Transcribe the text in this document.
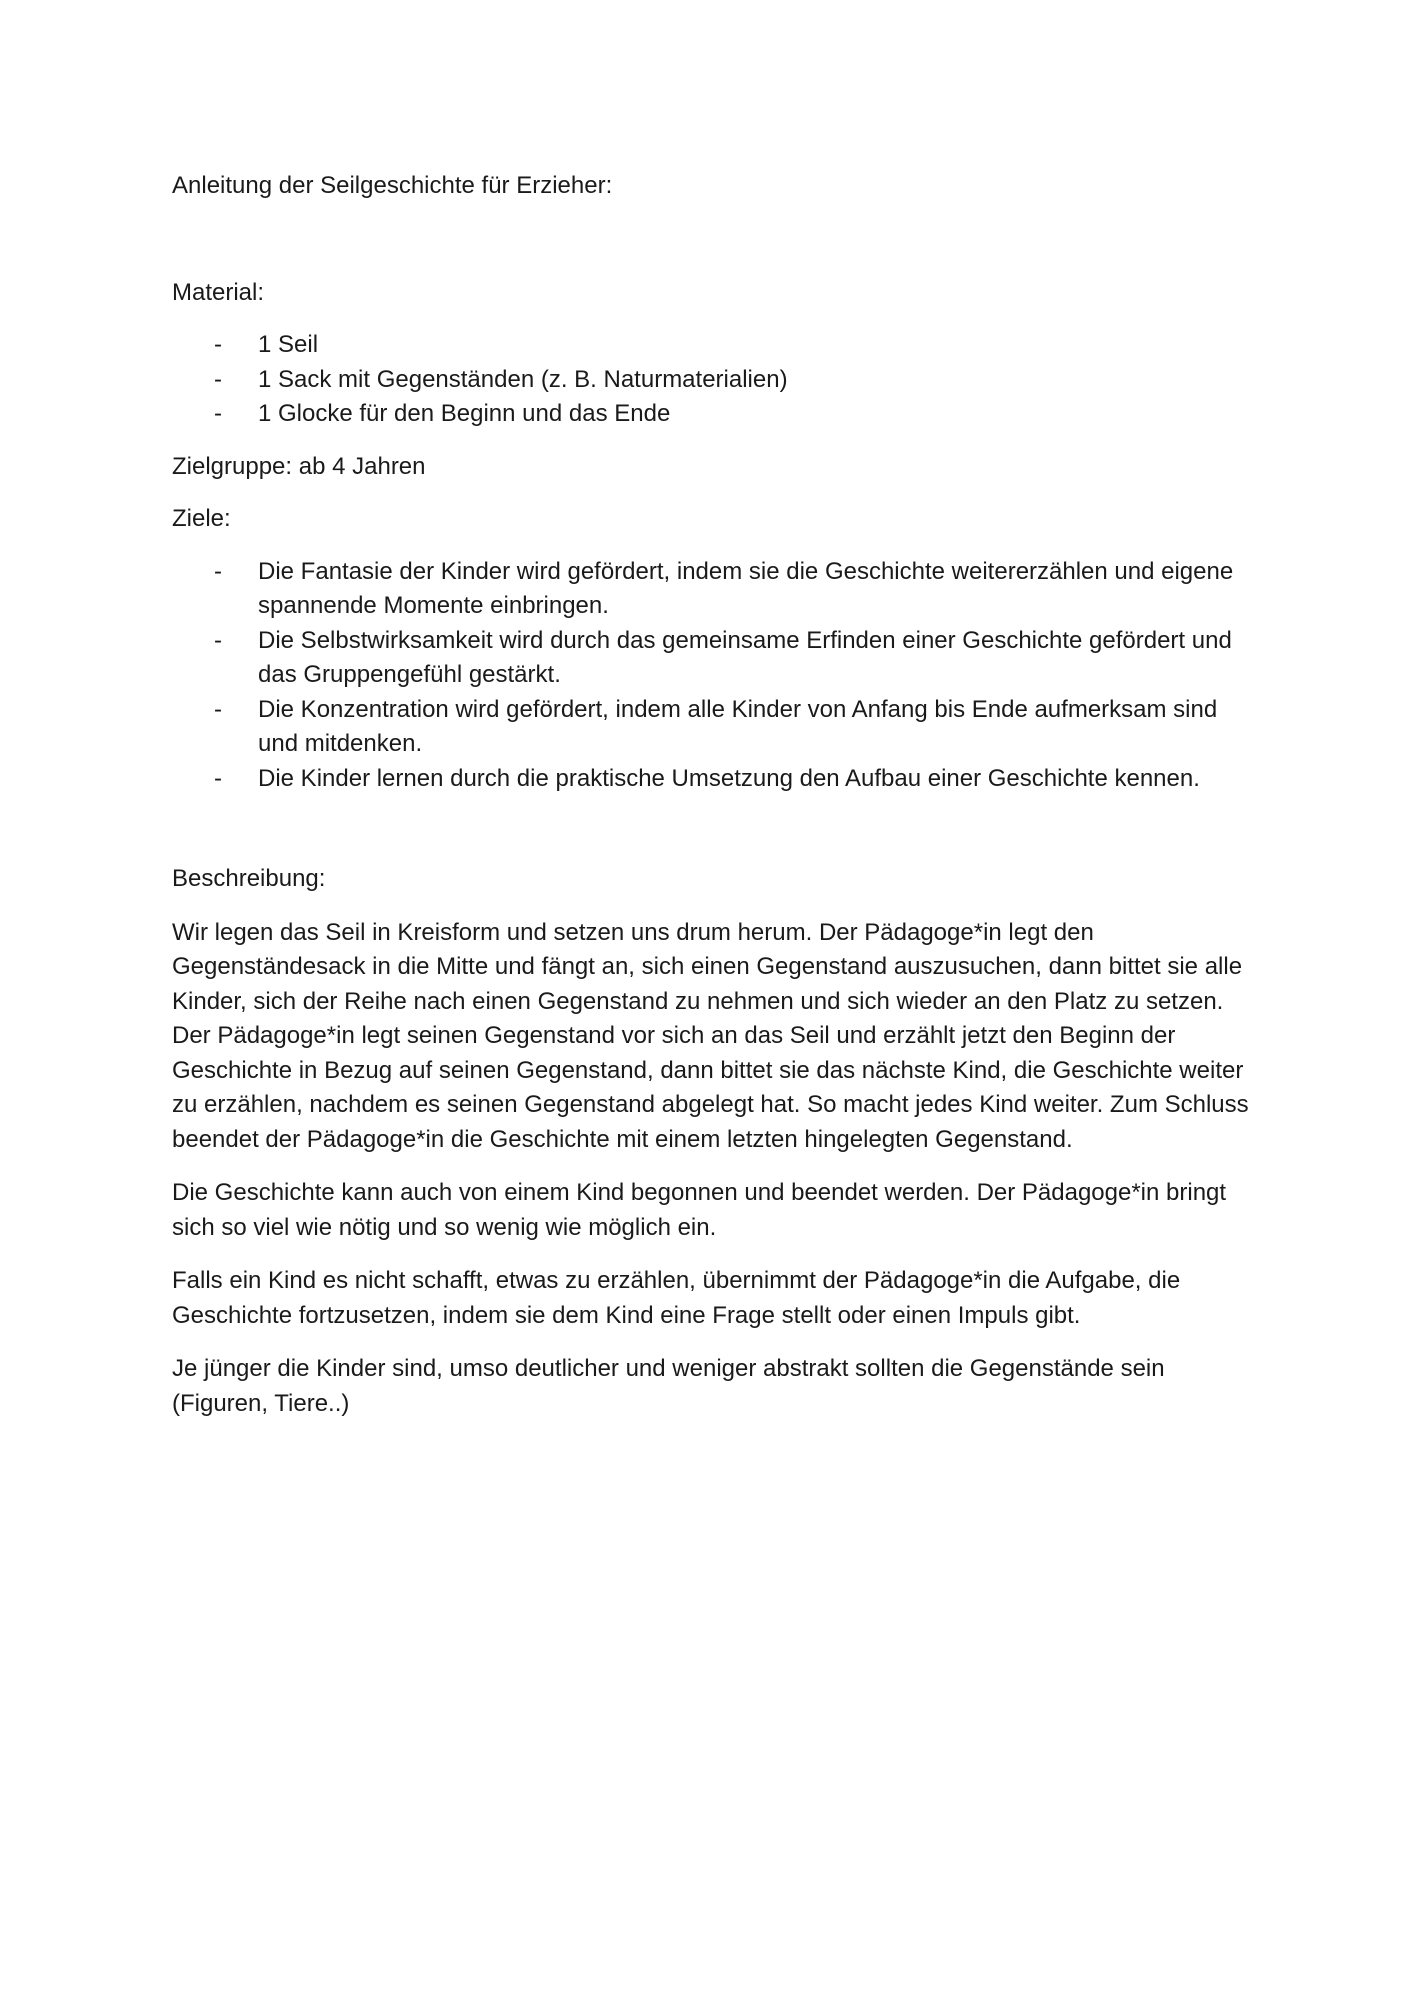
Anleitung der Seilgeschichte für Erzieher:

Material:

- 1 Seil
- 1 Sack mit Gegenständen (z. B. Naturmaterialien)
- 1 Glocke für den Beginn und das Ende

Zielgruppe: ab 4 Jahren

Ziele:

- Die Fantasie der Kinder wird gefördert, indem sie die Geschichte weitererzählen und eigene spannende Momente einbringen.
- Die Selbstwirksamkeit wird durch das gemeinsame Erfinden einer Geschichte gefördert und das Gruppengefühl gestärkt.
- Die Konzentration wird gefördert, indem alle Kinder von Anfang bis Ende aufmerksam sind und mitdenken.
- Die Kinder lernen durch die praktische Umsetzung den Aufbau einer Geschichte kennen.

Beschreibung:

Wir legen das Seil in Kreisform und setzen uns drum herum. Der Pädagoge*in legt den Gegenständesack in die Mitte und fängt an, sich einen Gegenstand auszusuchen, dann bittet sie alle Kinder, sich der Reihe nach einen Gegenstand zu nehmen und sich wieder an den Platz zu setzen. Der Pädagoge*in legt seinen Gegenstand vor sich an das Seil und erzählt jetzt den Beginn der Geschichte in Bezug auf seinen Gegenstand, dann bittet sie das nächste Kind, die Geschichte weiter zu erzählen, nachdem es seinen Gegenstand abgelegt hat. So macht jedes Kind weiter. Zum Schluss beendet der Pädagoge*in die Geschichte mit einem letzten hingelegten Gegenstand.

Die Geschichte kann auch von einem Kind begonnen und beendet werden. Der Pädagoge*in bringt sich so viel wie nötig und so wenig wie möglich ein.

Falls ein Kind es nicht schafft, etwas zu erzählen, übernimmt der Pädagoge*in die Aufgabe, die Geschichte fortzusetzen, indem sie dem Kind eine Frage stellt oder einen Impuls gibt.

Je jünger die Kinder sind, umso deutlicher und weniger abstrakt sollten die Gegenstände sein (Figuren, Tiere..)
